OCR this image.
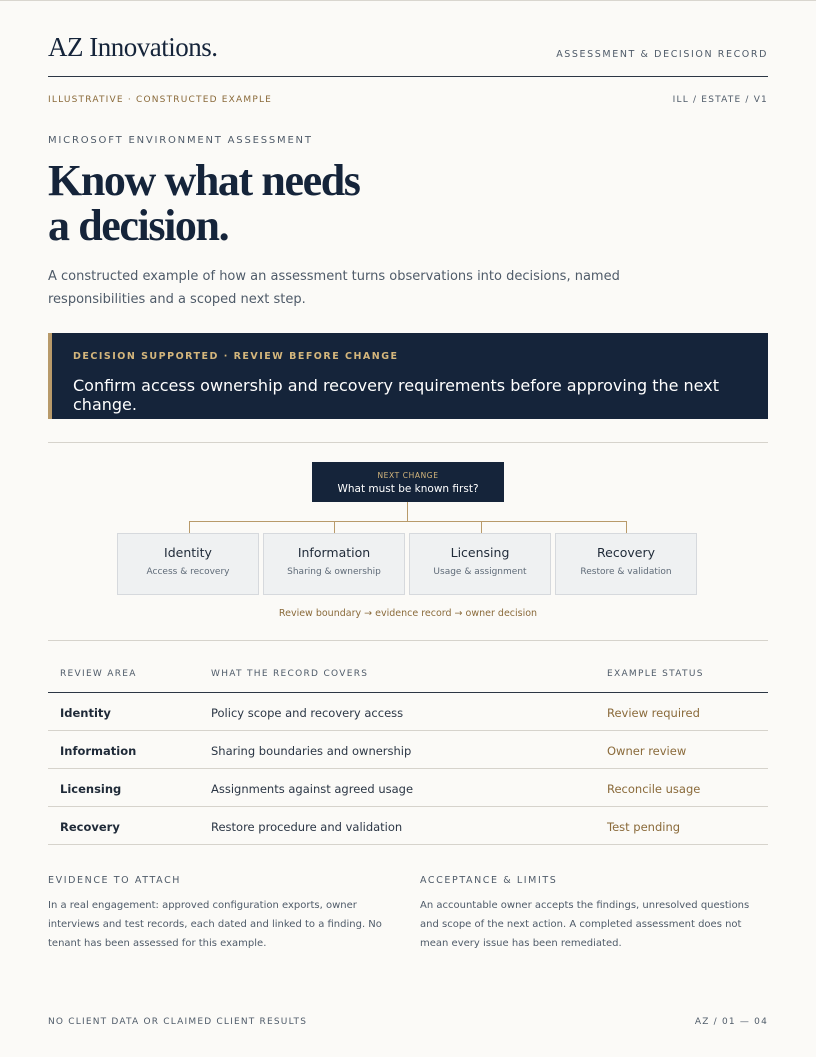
AZ Innovations.	ASSESSMENT & DECISION RECORD
ILLUSTRATIVE · CONSTRUCTED EXAMPLE	ILL / ESTATE / V1
MICROSOFT ENVIRONMENT ASSESSMENT
Know what needs
a decision.

A constructed example of how an assessment turns observations into decisions, named responsibilities and a scoped next step.

DECISION SUPPORTED · REVIEW BEFORE CHANGE
Confirm access ownership and recovery requirements before approving the next change.
NEXT CHANGE
What must be known first?
Identity
Access & recovery
Information
Sharing & ownership
Licensing
Usage & assignment
Recovery
Restore & validation
Review boundary → evidence record → owner decision
REVIEW AREA	WHAT THE RECORD COVERS	EXAMPLE STATUS
Identity	Policy scope and recovery access	Review required
Information	Sharing boundaries and ownership	Owner review
Licensing	Assignments against agreed usage	Reconcile usage
Recovery	Restore procedure and validation	Test pending
EVIDENCE TO ATTACH

In a real engagement: approved configuration exports, owner interviews and test records, each dated and linked to a finding. No tenant has been assessed for this example.

ACCEPTANCE & LIMITS

An accountable owner accepts the findings, unresolved questions and scope of the next action. A completed assessment does not mean every issue has been remediated.

NO CLIENT DATA OR CLAIMED CLIENT RESULTS	AZ / 01 — 04
